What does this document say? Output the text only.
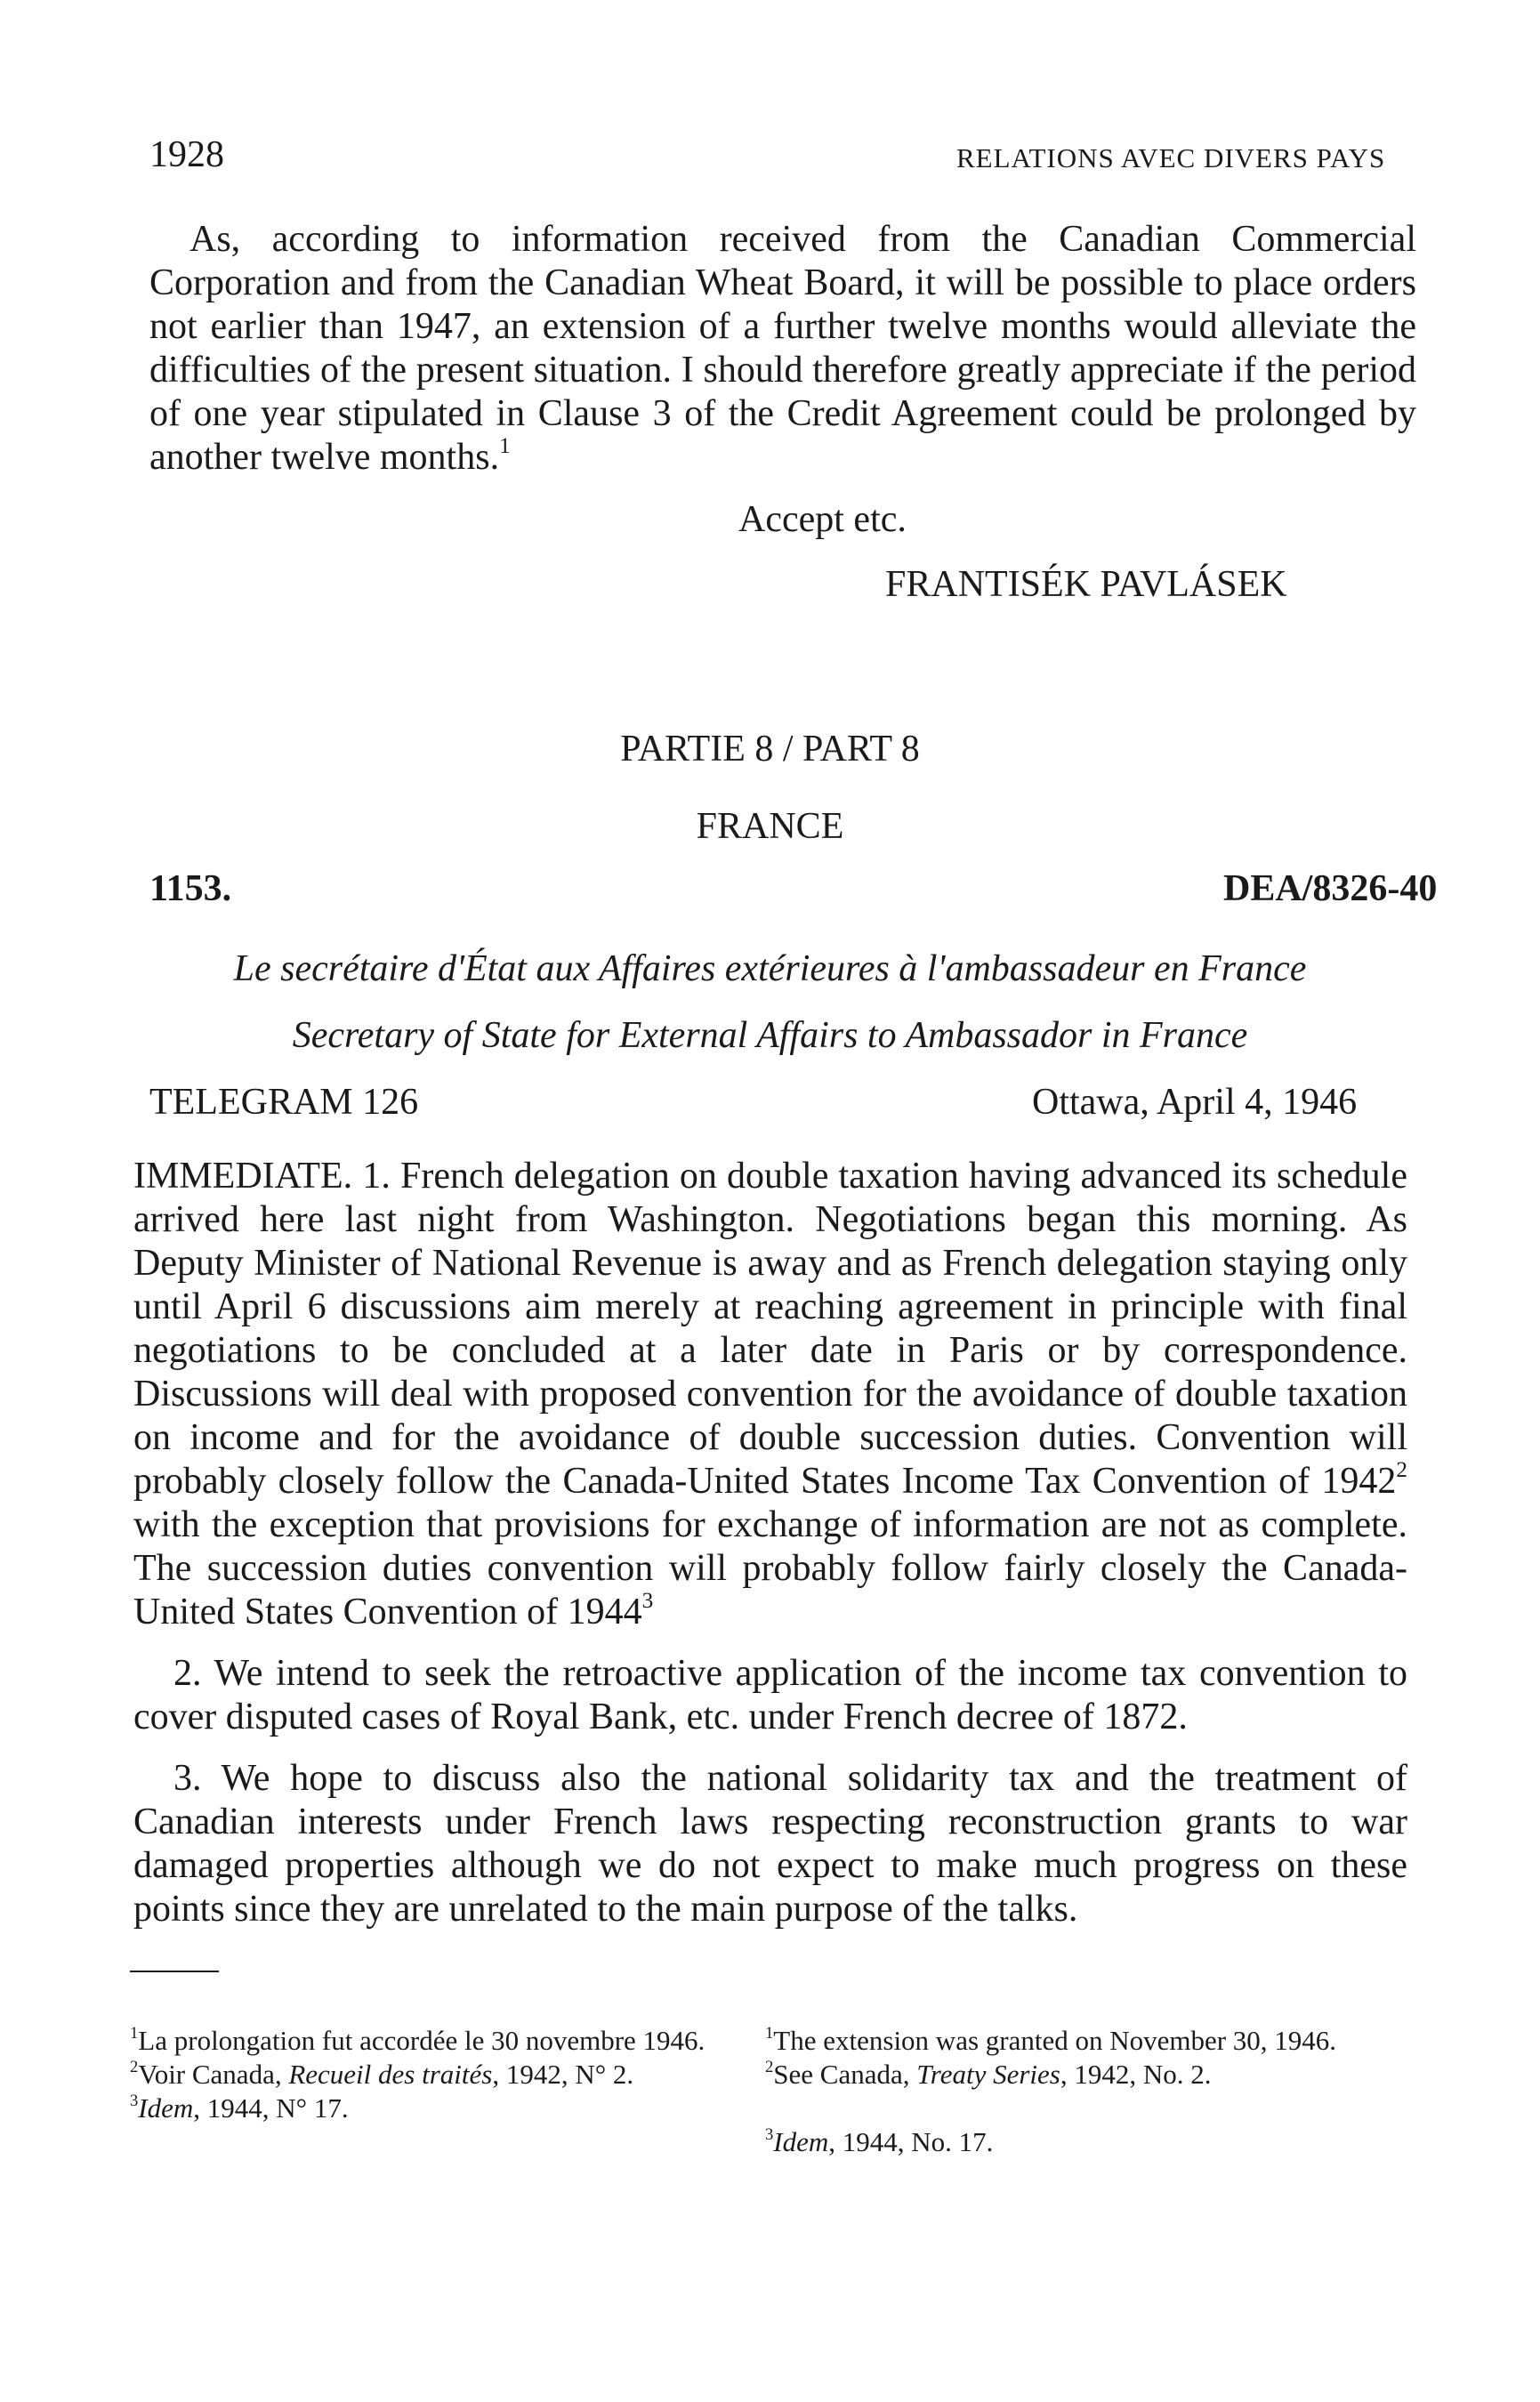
1928	RELATIONS AVEC DIVERS PAYS

As, according to information received from the Canadian Commercial Corporation and from the Canadian Wheat Board, it will be possible to place orders not earlier than 1947, an extension of a further twelve months would alleviate the difficulties of the present situation. I should therefore greatly appreciate if the period of one year stipulated in Clause 3 of the Credit Agreement could be prolonged by another twelve months.$^1$

Accept etc.
FRANTISÉK PAVLÁSEK
PARTIE 8 / PART 8
FRANCE
1153.	DEA/8326-40
Le secrétaire d'État aux Affaires extérieures à l'ambassadeur en France
Secretary of State for External Affairs to Ambassador in France
TELEGRAM 126	Ottawa, April 4, 1946

IMMEDIATE. 1. French delegation on double taxation having advanced its schedule arrived here last night from Washington. Negotiations began this morning. As Deputy Minister of National Revenue is away and as French delegation staying only until April 6 discussions aim merely at reaching agreement in principle with final negotiations to be concluded at a later date in Paris or by correspondence. Discussions will deal with proposed convention for the avoidance of double taxation on income and for the avoidance of double succession duties. Convention will probably closely follow the Canada-United States Income Tax Convention of 1942$^2$ with the exception that provisions for exchange of information are not as complete. The succession duties convention will probably follow fairly closely the Canada-United States Convention of 1944$^3$

2. We intend to seek the retroactive application of the income tax convention to cover disputed cases of Royal Bank, etc. under French decree of 1872.

3. We hope to discuss also the national solidarity tax and the treatment of Canadian interests under French laws respecting reconstruction grants to war damaged properties although we do not expect to make much progress on these points since they are unrelated to the main purpose of the talks.

$^1$La prolongation fut accordée le 30 novembre 1946.

$^2$Voir Canada, Recueil des traités, 1942, N° 2.

$^3$Idem, 1944, N° 17.

$^1$The extension was granted on November 30, 1946.

$^2$See Canada, Treaty Series, 1942, No. 2.

$^3$Idem, 1944, No. 17.
